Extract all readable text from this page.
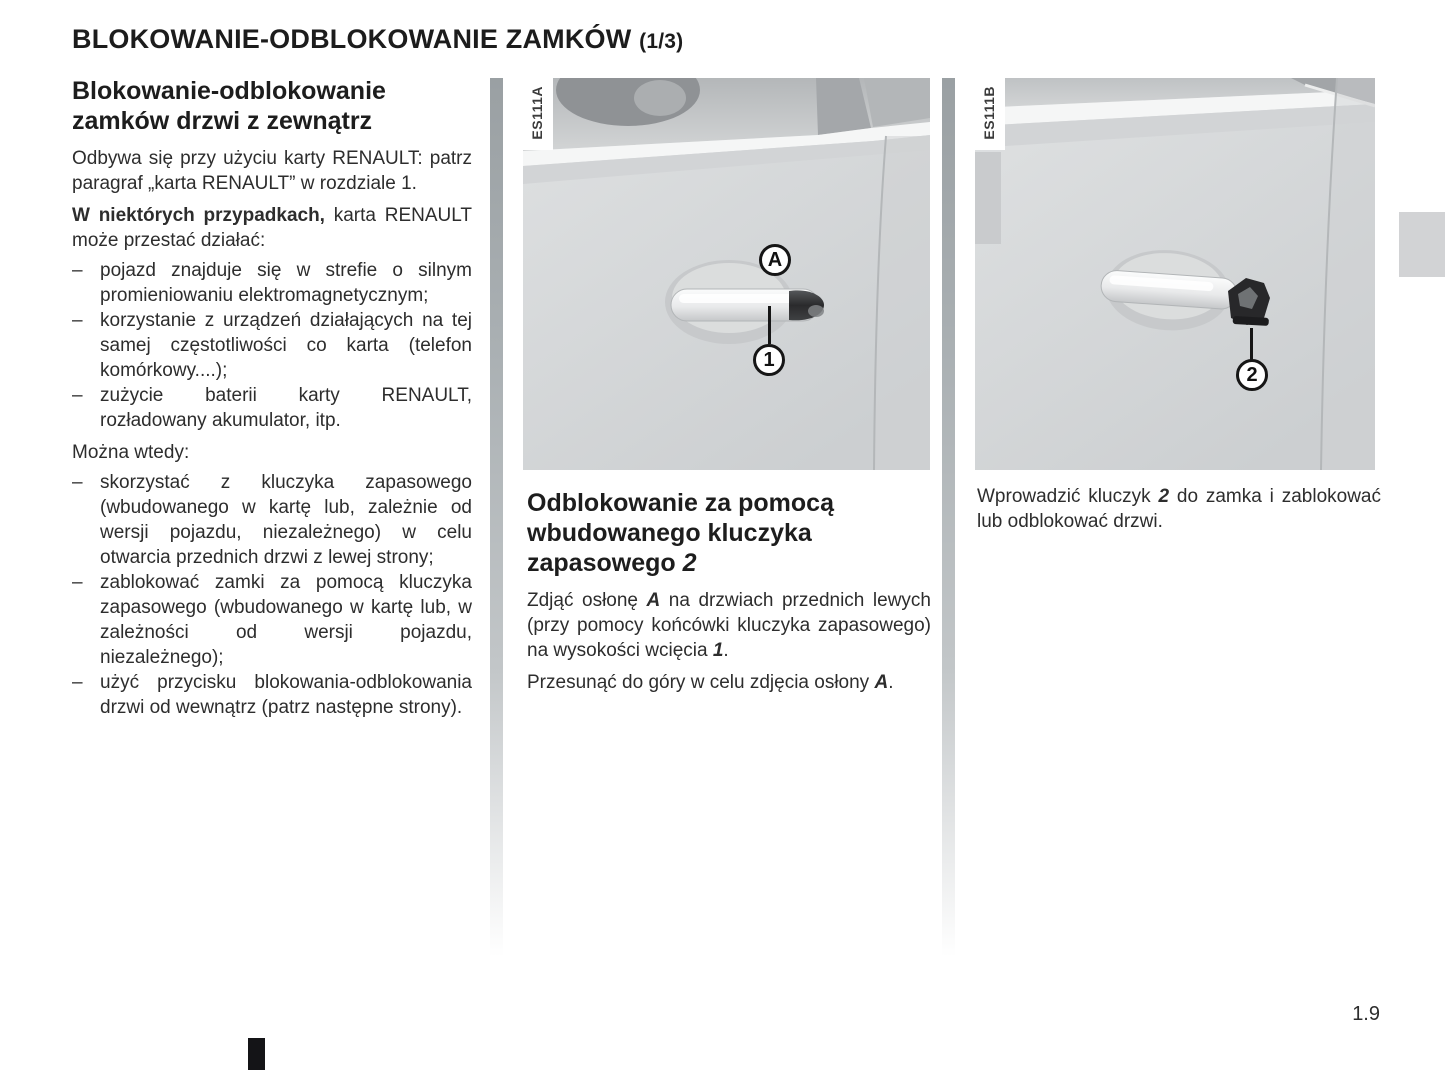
BLOKOWANIE-ODBLOKOWANIE ZAMKÓW (1/3)
Blokowanie-odblokowanie zamków drzwi z zewnątrz

Odbywa się przy użyciu karty RENAULT: patrz paragraf „karta RENAULT” w rozdziale 1.

W niektórych przypadkach, karta RENAULT może przestać działać:

– pojazd znajduje się w strefie o silnym promieniowaniu elektromagnetycznym;
– korzystanie z urządzeń działających na tej samej częstotliwości co karta (telefon komórkowy....);
– zużycie baterii karty RENAULT, rozładowany akumulator, itp.

Można wtedy:

– skorzystać z kluczyka zapasowego (wbudowanego w kartę lub, zależnie od wersji pojazdu, niezależnego) w celu otwarcia przednich drzwi z lewej strony;
– zablokować zamki za pomocą kluczyka zapasowego (wbudowanego w kartę lub, w zależności od wersji pojazdu, niezależnego);
– użyć przycisku blokowania-odblokowania drzwi od wewnątrz (patrz następne strony).
ES111A
A
1
ES111B
2
Odblokowanie za pomocą wbudowanego kluczyka zapasowego 2

Zdjąć osłonę A na drzwiach przednich lewych (przy pomocy końcówki kluczyka zapasowego) na wysokości wcięcia 1.

Przesunąć do góry w celu zdjęcia osłony A.

Wprowadzić kluczyk 2 do zamka i zablokować lub odblokować drzwi.

1.9
